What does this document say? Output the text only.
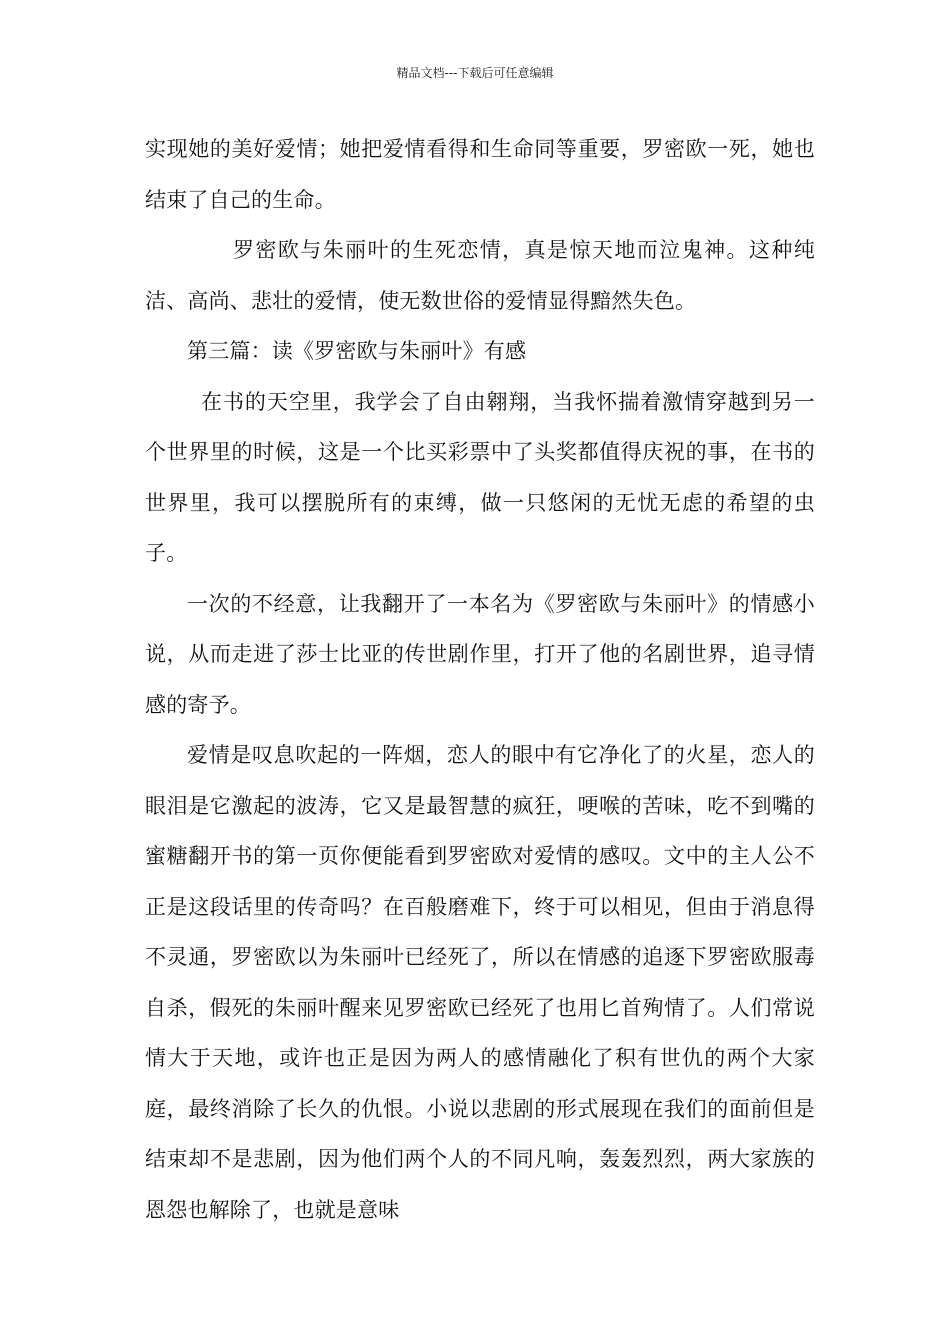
精品文档---下载后可任意编辑

实现她的美好爱情；她把爱情看得和生命同等重要，罗密欧一死，她也结束了自己的生命。

罗密欧与朱丽叶的生死恋情，真是惊天地而泣鬼神。这种纯洁、高尚、悲壮的爱情，使无数世俗的爱情显得黯然失色。

第三篇：读《罗密欧与朱丽叶》有感

在书的天空里，我学会了自由翱翔，当我怀揣着激情穿越到另一个世界里的时候，这是一个比买彩票中了头奖都值得庆祝的事，在书的世界里，我可以摆脱所有的束缚，做一只悠闲的无忧无虑的希望的虫子。

一次的不经意，让我翻开了一本名为《罗密欧与朱丽叶》的情感小说，从而走进了莎士比亚的传世剧作里，打开了他的名剧世界，追寻情感的寄予。

爱情是叹息吹起的一阵烟，恋人的眼中有它净化了的火星，恋人的眼泪是它激起的波涛，它又是最智慧的疯狂，哽喉的苦味，吃不到嘴的蜜糖翻开书的第一页你便能看到罗密欧对爱情的感叹。文中的主人公不正是这段话里的传奇吗？在百般磨难下，终于可以相见，但由于消息得不灵通，罗密欧以为朱丽叶已经死了，所以在情感的追逐下罗密欧服毒自杀，假死的朱丽叶醒来见罗密欧已经死了也用匕首殉情了。人们常说情大于天地，或许也正是因为两人的感情融化了积有世仇的两个大家庭，最终消除了长久的仇恨。小说以悲剧的形式展现在我们的面前但是结束却不是悲剧，因为他们两个人的不同凡响，轰轰烈烈，两大家族的恩怨也解除了，也就是意味
